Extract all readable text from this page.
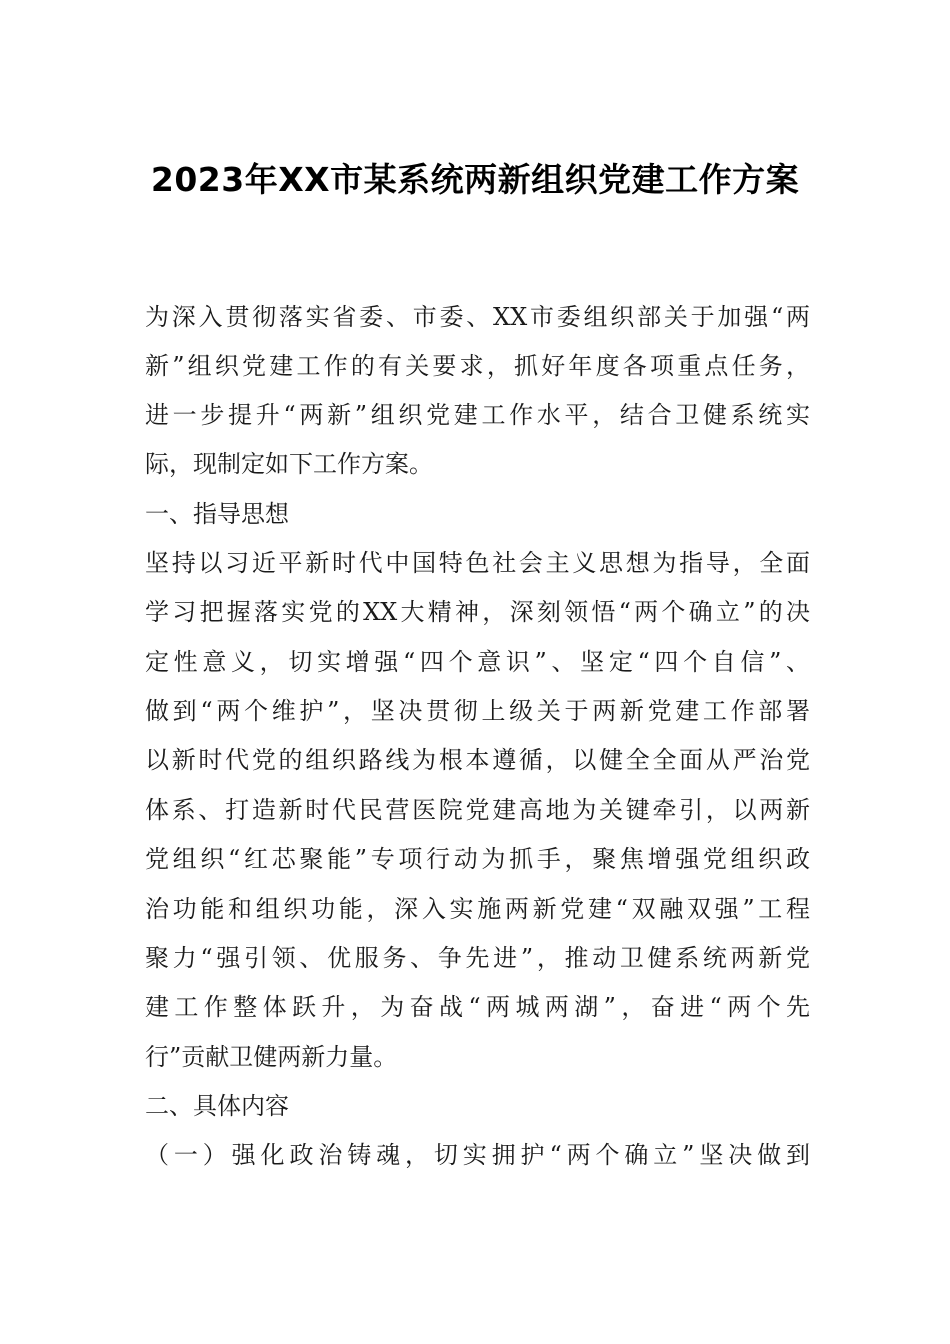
2023年XX市某系统两新组织党建工作方案
为深入贯彻落实省委、市委、XX市委组织部关于加强“两
新”组织党建工作的有关要求，抓好年度各项重点任务，
进一步提升“两新”组织党建工作水平，结合卫健系统实
际，现制定如下工作方案。
一、指导思想
坚持以习近平新时代中国特色社会主义思想为指导，全面
学习把握落实党的XX大精神，深刻领悟“两个确立”的决
定性意义，切实增强“四个意识”、坚定“四个自信”、
做到“两个维护”，坚决贯彻上级关于两新党建工作部署
以新时代党的组织路线为根本遵循，以健全全面从严治党
体系、打造新时代民营医院党建高地为关键牵引，以两新
党组织“红芯聚能”专项行动为抓手，聚焦增强党组织政
治功能和组织功能，深入实施两新党建“双融双强”工程
聚力“强引领、优服务、争先进”，推动卫健系统两新党
建工作整体跃升，为奋战“两城两湖”，奋进“两个先
行”贡献卫健两新力量。
二、具体内容
（一）强化政治铸魂，切实拥护“两个确立”坚决做到
